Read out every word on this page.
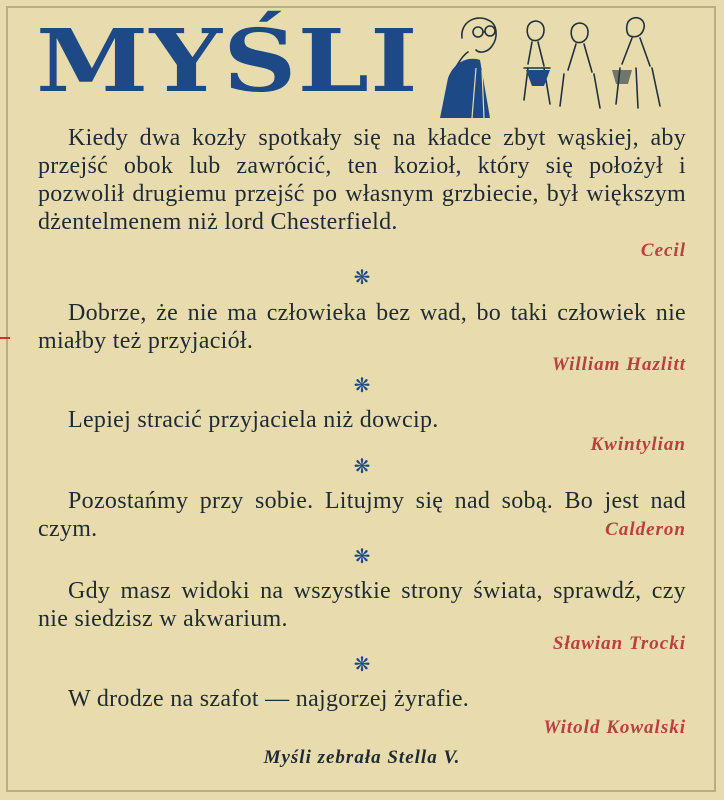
MYŚLI
Kiedy dwa kozły spotkały się na kładce zbyt wąskiej, aby przejść obok lub zawrócić, ten kozioł, który się położył i pozwolił drugiemu przejść po własnym grzbiecie, był większym dżentelmenem niż lord Chesterfield.
Cecil
❋
Dobrze, że nie ma człowieka bez wad, bo taki człowiek nie miałby też przyjaciół.
William Hazlitt
❋
Lepiej stracić przyjaciela niż dowcip.
Kwintylian
❋
Pozostańmy przy sobie. Litujmy się nad sobą. Bo jest nad czym.	Calderon
❋
Gdy masz widoki na wszystkie strony świata, sprawdź, czy nie siedzisz w akwarium.
Sławian Trocki
❋
W drodze na szafot — najgorzej żyrafie.
Witold Kowalski
Myśli zebrała Stella V.
